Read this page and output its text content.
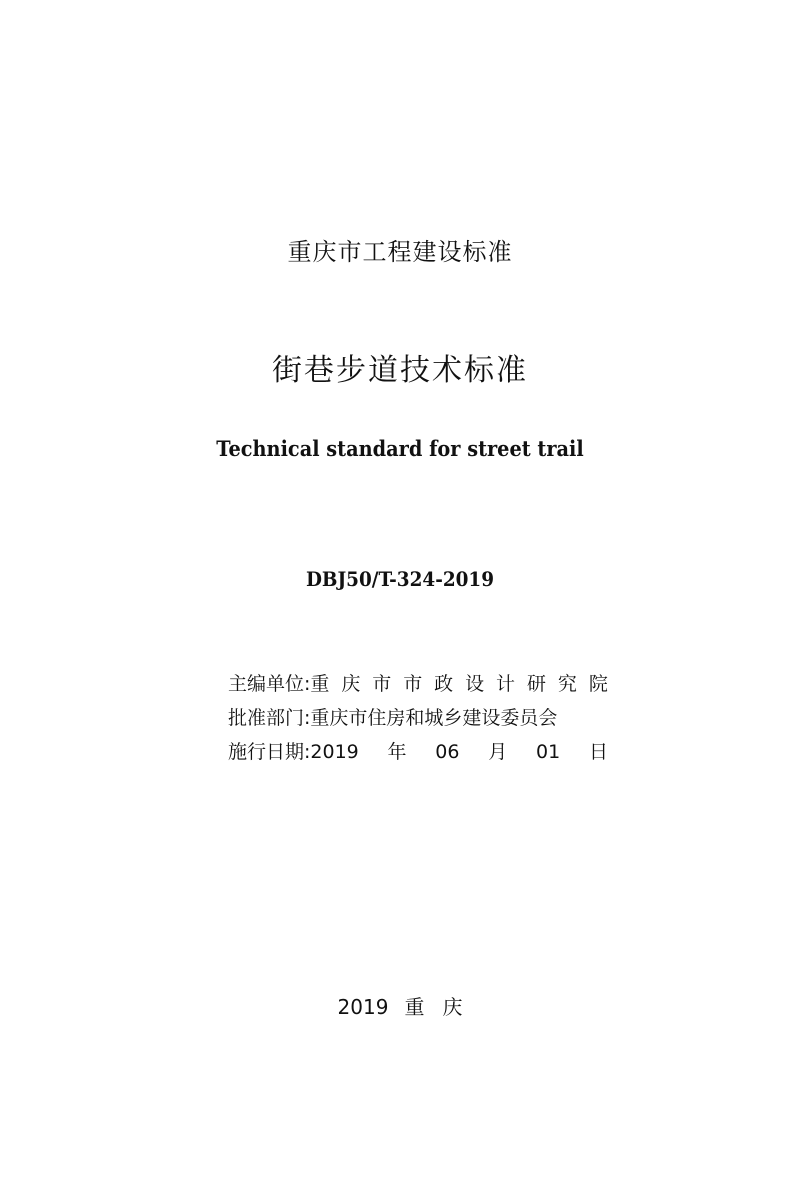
重庆市工程建设标准
街巷步道技术标准
Technical standard for street trail
DBJ50/T-324-2019
主编单位 : 重 庆 市 市 政 设 计 研 究 院
批准部门 : 重庆市住房和城乡建设委员会
施行日期 : 2019 年 06 月 01 日
2019 重 庆
